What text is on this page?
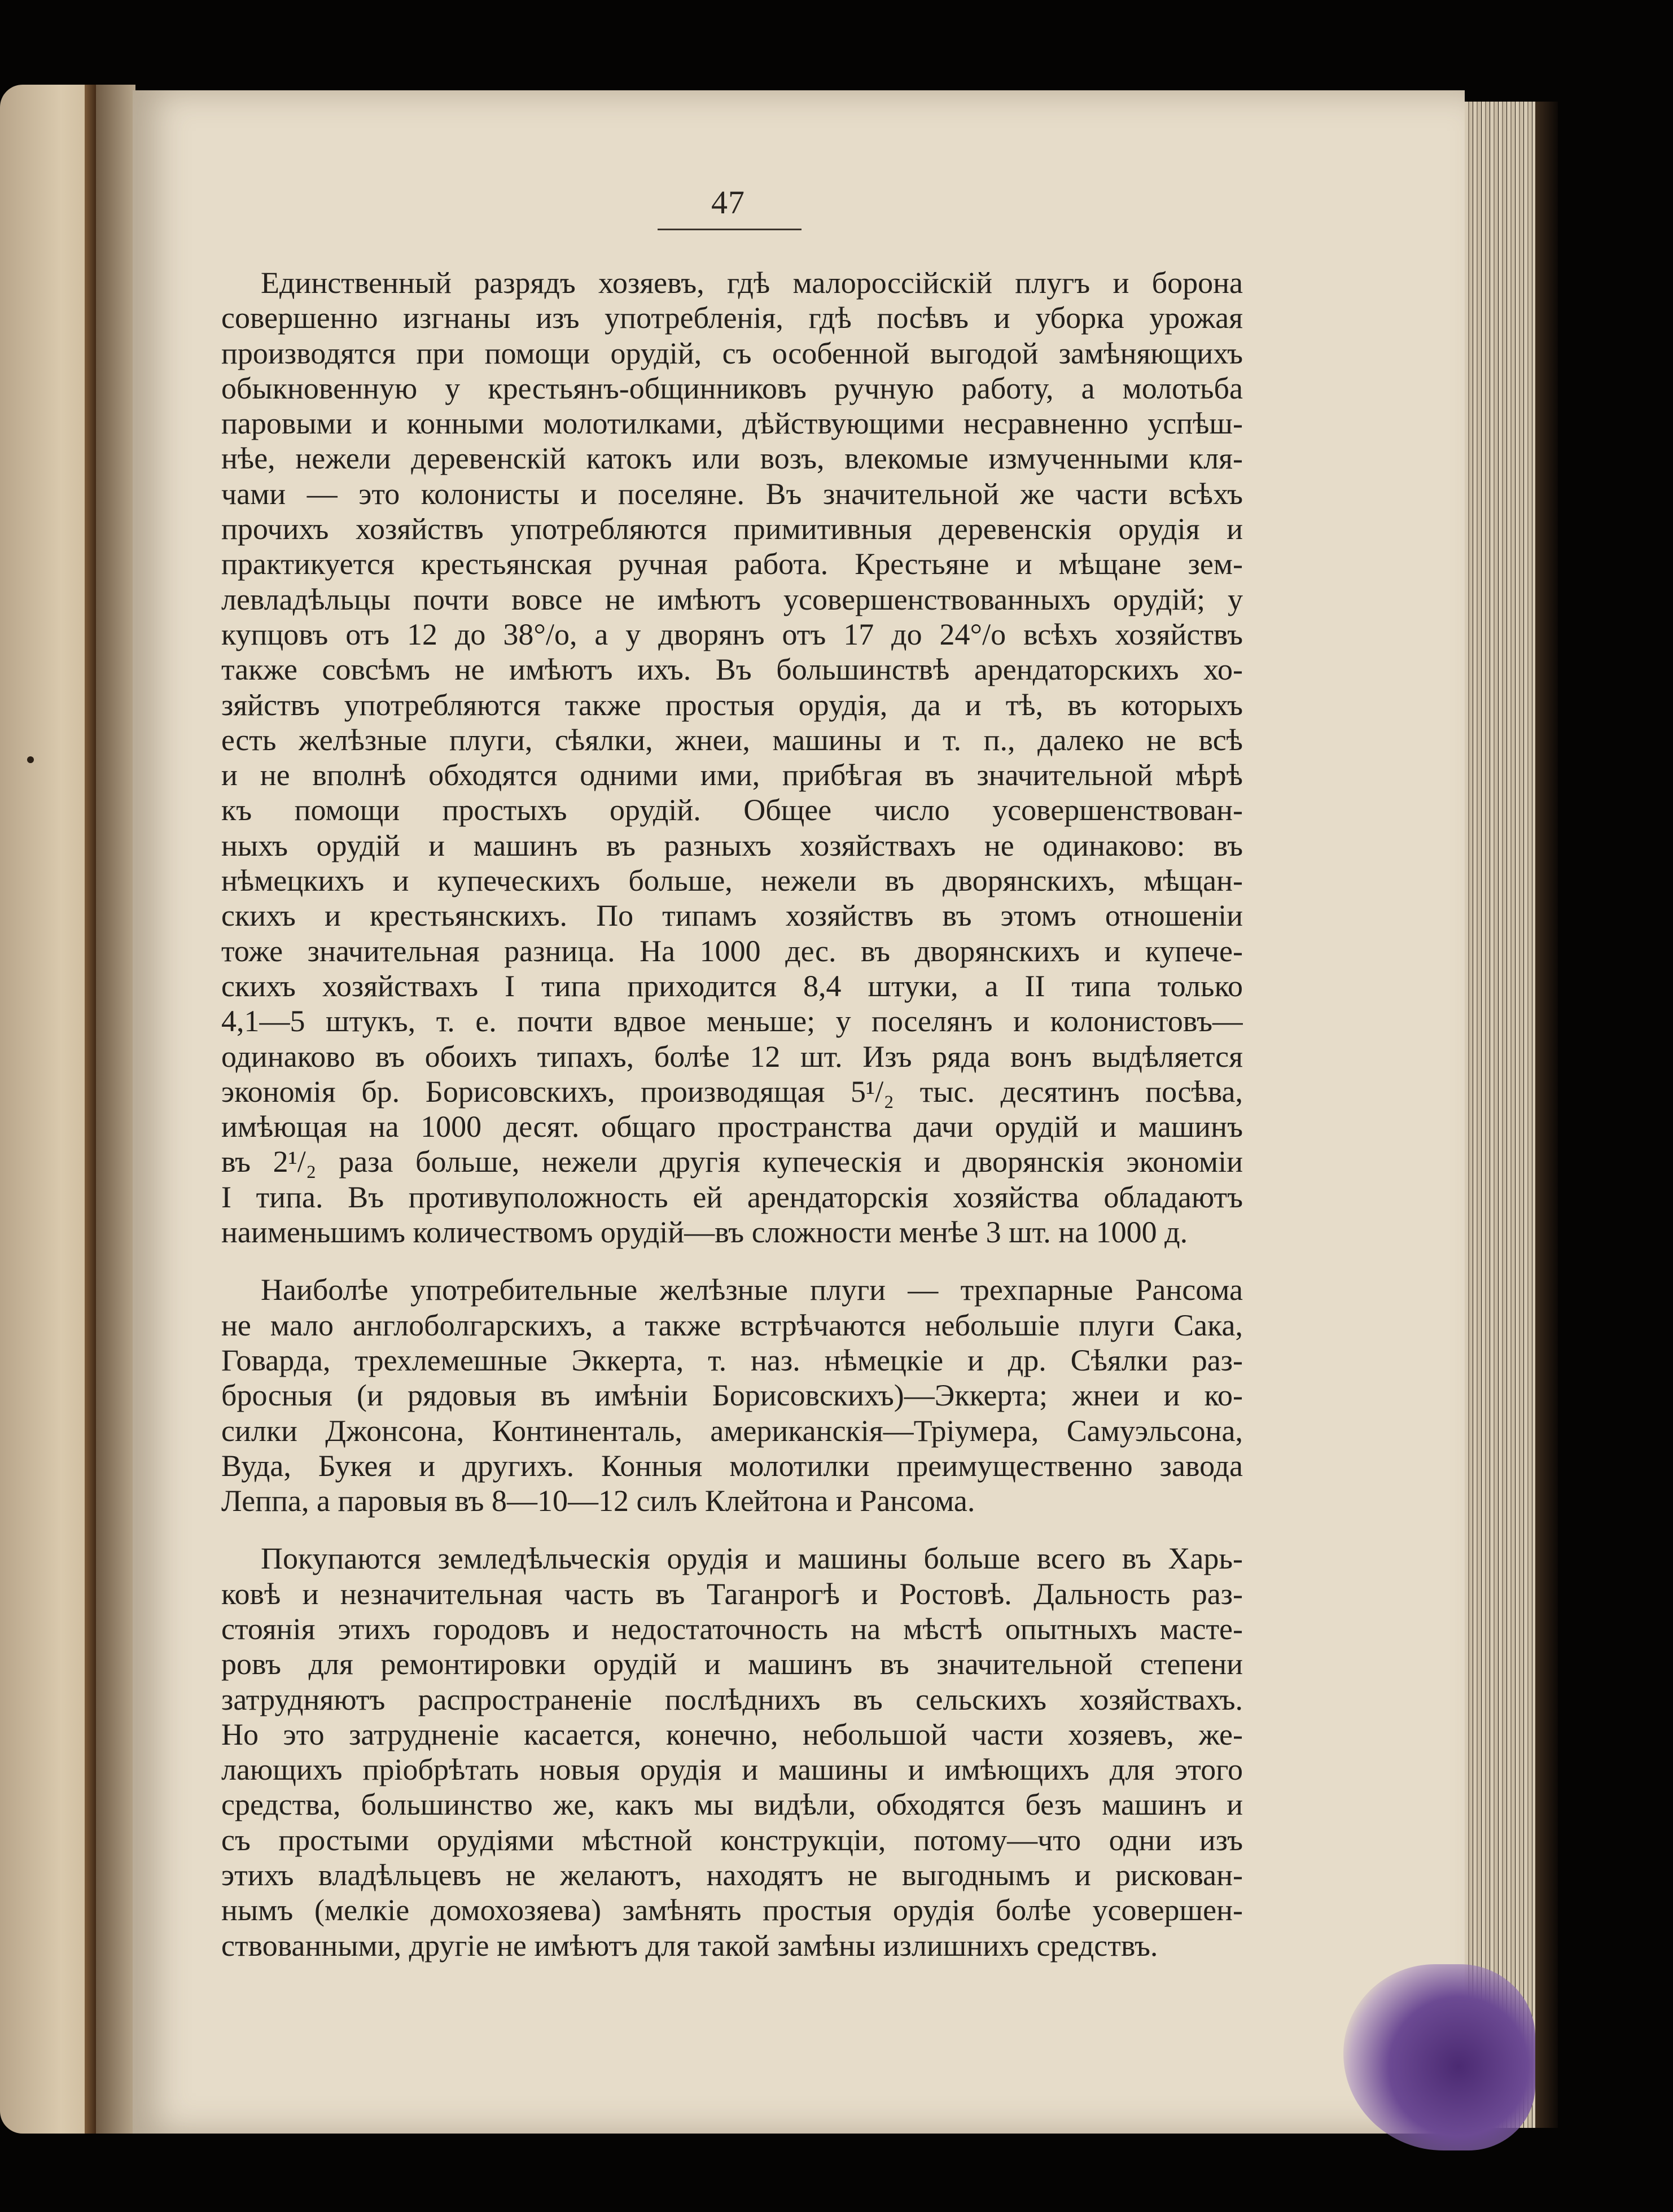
47
Единственный разрядъ хозяевъ, гдѣ малороссійскій плугъ и борона
совершенно изгнаны изъ употребленія, гдѣ посѣвъ и уборка урожая
производятся при помощи орудій, съ особенной выгодой замѣняющихъ
обыкновенную у крестьянъ-общинниковъ ручную работу, а молотьба
паровыми и конными молотилками, дѣйствующими несравненно успѣш-
нѣе, нежели деревенскій катокъ или возъ, влекомые измученными кля-
чами — это колонисты и поселяне. Въ значительной же части всѣхъ
прочихъ хозяйствъ употребляются примитивныя деревенскія орудія и
практикуется крестьянская ручная работа. Крестьяне и мѣщане зем-
левладѣльцы почти вовсе не имѣютъ усовершенствованныхъ орудій; у
купцовъ отъ 12 до 38°/о, а у дворянъ отъ 17 до 24°/о всѣхъ хозяйствъ
также совсѣмъ не имѣютъ ихъ. Въ большинствѣ арендаторскихъ хо-
зяйствъ употребляются также простыя орудія, да и тѣ, въ которыхъ
есть желѣзные плуги, сѣялки, жнеи, машины и т. п., далеко не всѣ
и не вполнѣ обходятся одними ими, прибѣгая въ значительной мѣрѣ
къ помощи простыхъ орудій. Общее число усовершенствован-
ныхъ орудій и машинъ въ разныхъ хозяйствахъ не одинаково: въ
нѣмецкихъ и купеческихъ больше, нежели въ дворянскихъ, мѣщан-
скихъ и крестьянскихъ. По типамъ хозяйствъ въ этомъ отношеніи
тоже значительная разница. На 1000 дес. въ дворянскихъ и купече-
скихъ хозяйствахъ I типа приходится 8,4 штуки, а II типа только
4,1—5 штукъ, т. е. почти вдвое меньше; у поселянъ и колонистовъ—
одинаково въ обоихъ типахъ, болѣе 12 шт. Изъ ряда вонъ выдѣляется
экономія бр. Борисовскихъ, производящая 5¹/₂ тыс. десятинъ посѣва,
имѣющая на 1000 десят. общаго пространства дачи орудій и машинъ
въ 2¹/₂ раза больше, нежели другія купеческія и дворянскія экономіи
I типа. Въ противуположность ей арендаторскія хозяйства обладаютъ
наименьшимъ количествомъ орудій—въ сложности менѣе 3 шт. на 1000 д.
Наиболѣе употребительные желѣзные плуги — трехпарные Рансома
не мало англоболгарскихъ, а также встрѣчаются небольшіе плуги Сака,
Говарда, трехлемешные Эккерта, т. наз. нѣмецкіе и др. Сѣялки раз-
бросныя (и рядовыя въ имѣніи Борисовскихъ)—Эккерта; жнеи и ко-
силки Джонсона, Континенталь, американскія—Тріумера, Самуэльсона,
Вуда, Букея и другихъ. Конныя молотилки преимущественно завода
Леппа, а паровыя въ 8—10—12 силъ Клейтона и Рансома.
Покупаются земледѣльческія орудія и машины больше всего въ Харь-
ковѣ и незначительная часть въ Таганрогѣ и Ростовѣ. Дальность раз-
стоянія этихъ городовъ и недостаточность на мѣстѣ опытныхъ масте-
ровъ для ремонтировки орудій и машинъ въ значительной степени
затрудняютъ распространеніе послѣднихъ въ сельскихъ хозяйствахъ.
Но это затрудненіе касается, конечно, небольшой части хозяевъ, же-
лающихъ пріобрѣтать новыя орудія и машины и имѣющихъ для этого
средства, большинство же, какъ мы видѣли, обходятся безъ машинъ и
съ простыми орудіями мѣстной конструкціи, потому—что одни изъ
этихъ владѣльцевъ не желаютъ, находятъ не выгоднымъ и рискован-
нымъ (мелкіе домохозяева) замѣнять простыя орудія болѣе усовершен-
ствованными, другіе не имѣютъ для такой замѣны излишнихъ средствъ.
